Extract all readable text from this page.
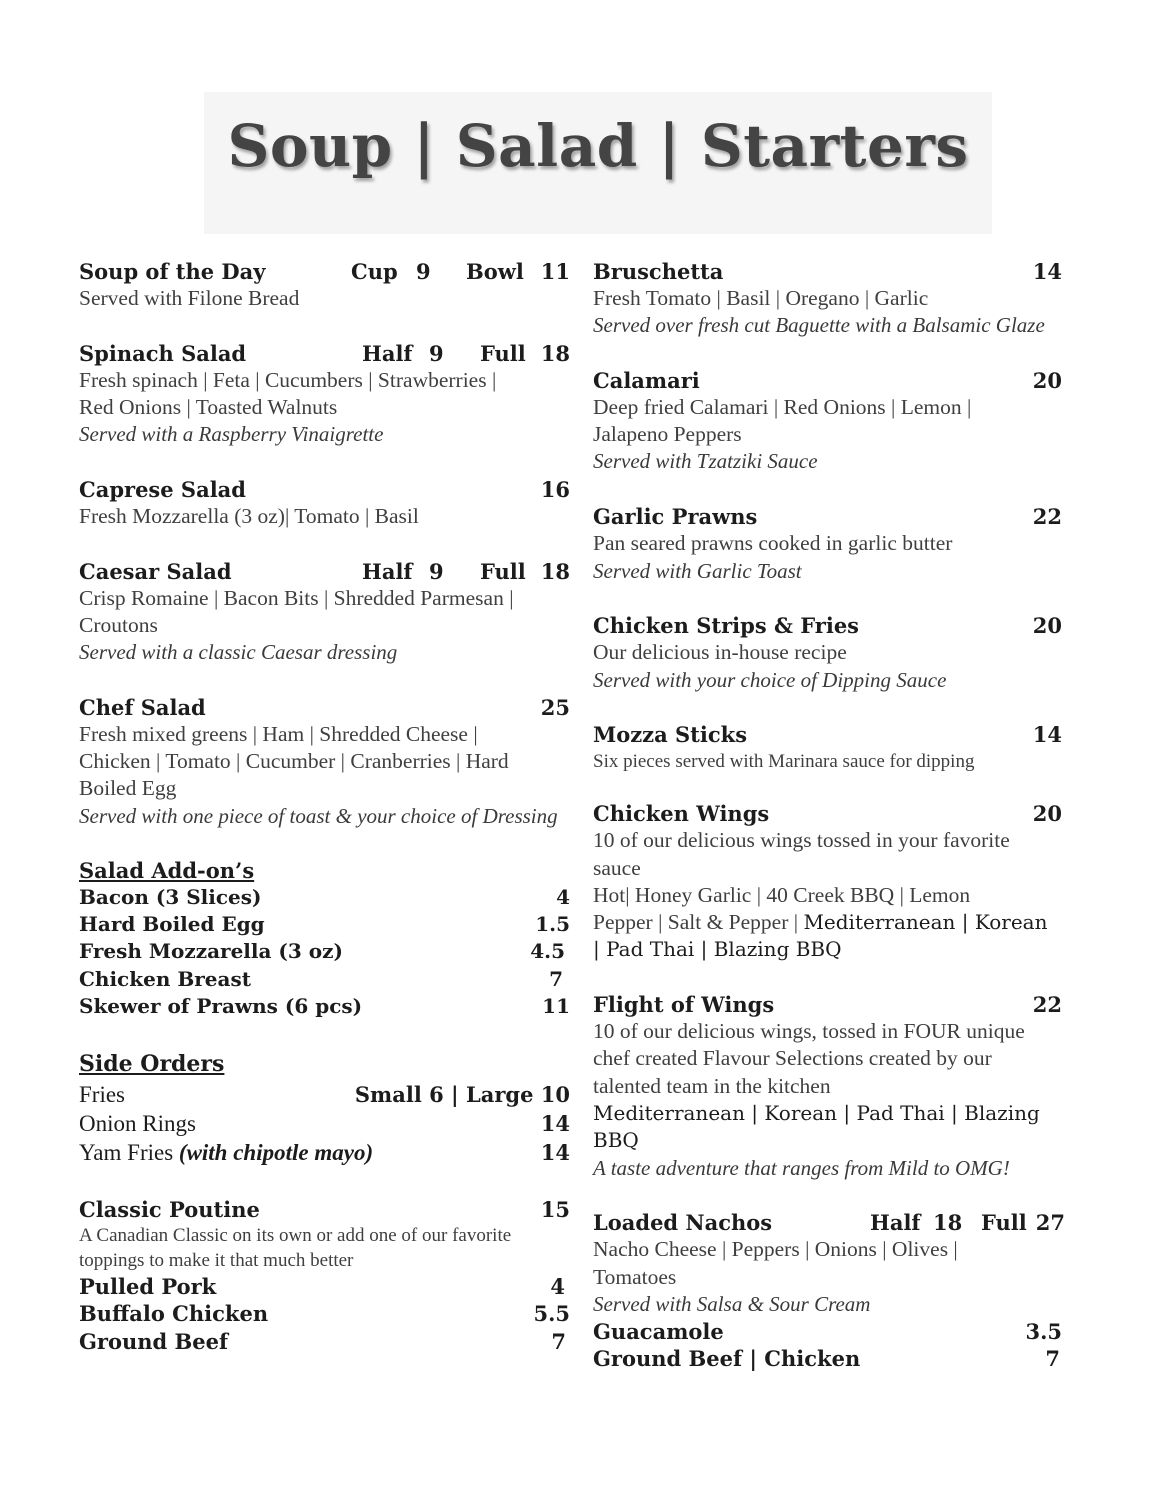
Soup | Salad | Starters
Soup of the Day	Cup 9 Bowl 11
Served with Filone Bread
Spinach Salad	Half 9 Full 18
Fresh spinach | Feta | Cucumbers | Strawberries |
Red Onions | Toasted Walnuts
Served with a Raspberry Vinaigrette
Caprese Salad	16
Fresh Mozzarella (3 oz)| Tomato | Basil
Caesar Salad	Half 9 Full 18
Crisp Romaine | Bacon Bits | Shredded Parmesan |
Croutons
Served with a classic Caesar dressing
Chef Salad	25
Fresh mixed greens | Ham | Shredded Cheese |
Chicken | Tomato | Cucumber | Cranberries | Hard
Boiled Egg
Served with one piece of toast & your choice of Dressing
Salad Add-on’s
Bacon (3 Slices)	4
Hard Boiled Egg	1.5
Fresh Mozzarella (3 oz)	4.5
Chicken Breast	7
Skewer of Prawns (6 pcs)	11
Side Orders
Fries	Small 6 | Large 10
Onion Rings	14
Yam Fries (with chipotle mayo)	14
Classic Poutine	15
A Canadian Classic on its own or add one of our favorite
toppings to make it that much better
Pulled Pork	4
Buffalo Chicken	5.5
Ground Beef	7
Bruschetta	14
Fresh Tomato | Basil | Oregano | Garlic
Served over fresh cut Baguette with a Balsamic Glaze
Calamari	20
Deep fried Calamari | Red Onions | Lemon |
Jalapeno Peppers
Served with Tzatziki Sauce
Garlic Prawns	22
Pan seared prawns cooked in garlic butter
Served with Garlic Toast
Chicken Strips & Fries	20
Our delicious in-house recipe
Served with your choice of Dipping Sauce
Mozza Sticks	14
Six pieces served with Marinara sauce for dipping
Chicken Wings	20
10 of our delicious wings tossed in your favorite
sauce
Hot| Honey Garlic | 40 Creek BBQ | Lemon
Pepper | Salt & Pepper | Mediterranean | Korean
| Pad Thai | Blazing BBQ
Flight of Wings	22
10 of our delicious wings, tossed in FOUR unique
chef created Flavour Selections created by our
talented team in the kitchen
Mediterranean | Korean | Pad Thai | Blazing
BBQ
A taste adventure that ranges from Mild to OMG!
Loaded Nachos	Half 18 Full 27
Nacho Cheese | Peppers | Onions | Olives |
Tomatoes
Served with Salsa & Sour Cream
Guacamole	3.5
Ground Beef | Chicken	7
